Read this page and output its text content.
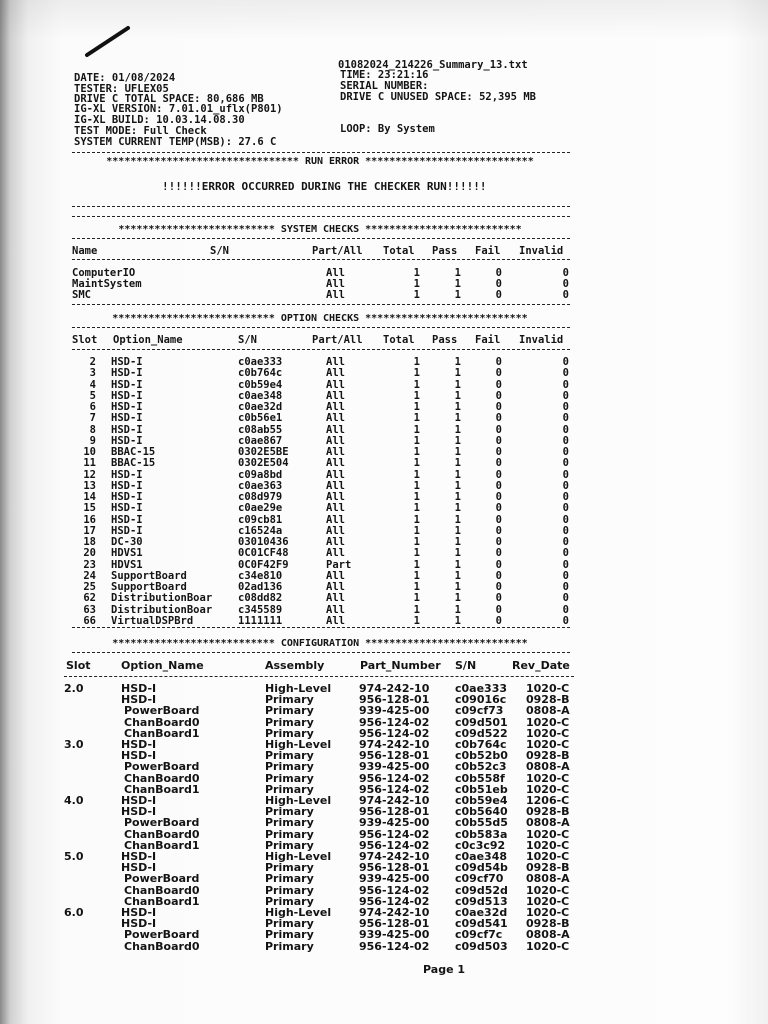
01082024_214226_Summary_13.txt
TIME: 23:21:16
SERIAL NUMBER:
DRIVE C UNUSED SPACE: 52,395 MB
LOOP: By System
DATE: 01/08/2024
TESTER: UFLEX05
DRIVE C TOTAL SPACE: 80,686 MB
IG-XL VERSION: 7.01.01_uflx(P801)
IG-XL BUILD: 10.03.14.08.30
TEST MODE: Full Check
SYSTEM CURRENT TEMP(MSB): 27.6 C
******************************** RUN ERROR ****************************
!!!!!!ERROR OCCURRED DURING THE CHECKER RUN!!!!!!
************************** SYSTEM CHECKS **************************
Name	S/N	Part/All Total Pass Fail Invalid
ComputerIO	All	1	1	0	0
MaintSystem	All	1	1	0	0
SMC	All	1	1	0	0
*************************** OPTION CHECKS ***************************
Slot Option_Name	S/N	Part/All Total Pass Fail Invalid
2 HSD-I	c0ae333	All	1	1	0	0
3 HSD-I	c0b764c	All	1	1	0	0
4 HSD-I	c0b59e4	All	1	1	0	0
5 HSD-I	c0ae348	All	1	1	0	0
6 HSD-I	c0ae32d	All	1	1	0	0
7 HSD-I	c0b56e1	All	1	1	0	0
8 HSD-I	c08ab55	All	1	1	0	0
9 HSD-I	c0ae867	All	1	1	0	0
10 BBAC-15	0302E5BE	All	1	1	0	0
11 BBAC-15	0302E504	All	1	1	0	0
12 HSD-I	c09a8bd	All	1	1	0	0
13 HSD-I	c0ae363	All	1	1	0	0
14 HSD-I	c08d979	All	1	1	0	0
15 HSD-I	c0ae29e	All	1	1	0	0
16 HSD-I	c09cb81	All	1	1	0	0
17 HSD-I	c16524a	All	1	1	0	0
18 DC-30	03010436	All	1	1	0	0
20 HDVS1	0C01CF48	All	1	1	0	0
23 HDVS1	0C0F42F9	Part	1	1	0	0
24 SupportBoard	c34e810	All	1	1	0	0
25 SupportBoard	02ad136	All	1	1	0	0
62 DistributionBoar c08dd82	All	1	1	0	0
63 DistributionBoar c345589	All	1	1	0	0
66 VirtualDSPBrd	1111111	All	1	1	0	0
*************************** CONFIGURATION ***************************
Slot	Option_Name	Assembly	Part_Number S/N	Rev_Date
2.0	HSD-I	High-Level	974-242-10 c0ae333 1020-C
HSD-I	Primary	956-128-01 c09016c 0928-B
PowerBoard	Primary	939-425-00 c09cf73 0808-A
ChanBoard0	Primary	956-124-02 c09d501 1020-C
ChanBoard1	Primary	956-124-02 c09d522 1020-C
3.0	HSD-I	High-Level	974-242-10 c0b764c 1020-C
HSD-I	Primary	956-128-01 c0b52b0 0928-B
PowerBoard	Primary	939-425-00 c0b52c3 0808-A
ChanBoard0	Primary	956-124-02 c0b558f 1020-C
ChanBoard1	Primary	956-124-02 c0b51eb 1020-C
4.0	HSD-I	High-Level	974-242-10 c0b59e4 1206-C
HSD-I	Primary	956-128-01 c0b5640 0928-B
PowerBoard	Primary	939-425-00 c0b55d5 0808-A
ChanBoard0	Primary	956-124-02 c0b583a 1020-C
ChanBoard1	Primary	956-124-02 c0c3c92 1020-C
5.0	HSD-I	High-Level	974-242-10 c0ae348 1020-C
HSD-I	Primary	956-128-01 c09d54b 0928-B
PowerBoard	Primary	939-425-00 c09cf70 0808-A
ChanBoard0	Primary	956-124-02 c09d52d 1020-C
ChanBoard1	Primary	956-124-02 c09d513 1020-C
6.0	HSD-I	High-Level	974-242-10 c0ae32d 1020-C
HSD-I	Primary	956-128-01 c09d541 0928-B
PowerBoard	Primary	939-425-00 c09cf7c 0808-A
ChanBoard0	Primary	956-124-02 c09d503 1020-C
Page 1
